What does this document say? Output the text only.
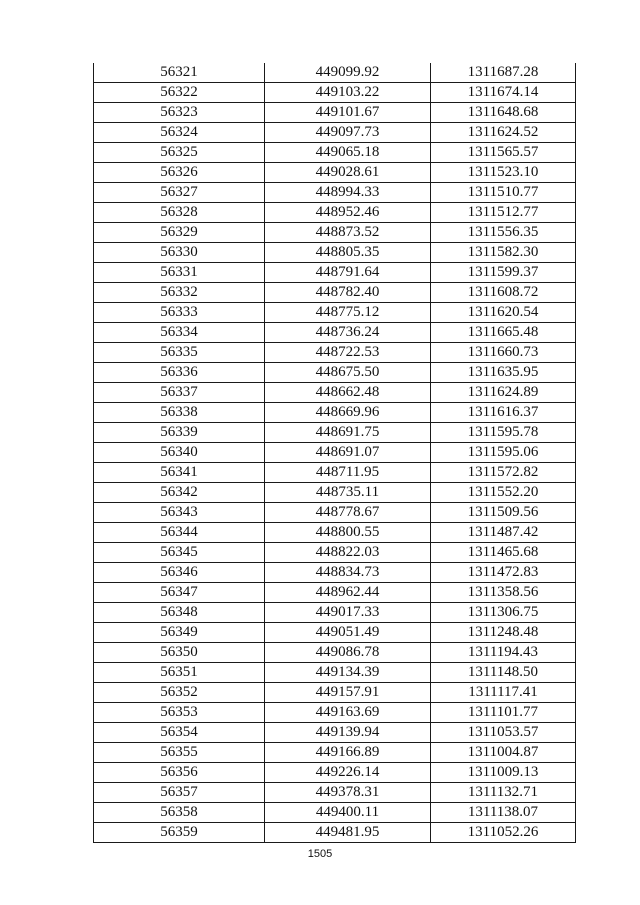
56321	449099.92	1311687.28
56322	449103.22	1311674.14
56323	449101.67	1311648.68
56324	449097.73	1311624.52
56325	449065.18	1311565.57
56326	449028.61	1311523.10
56327	448994.33	1311510.77
56328	448952.46	1311512.77
56329	448873.52	1311556.35
56330	448805.35	1311582.30
56331	448791.64	1311599.37
56332	448782.40	1311608.72
56333	448775.12	1311620.54
56334	448736.24	1311665.48
56335	448722.53	1311660.73
56336	448675.50	1311635.95
56337	448662.48	1311624.89
56338	448669.96	1311616.37
56339	448691.75	1311595.78
56340	448691.07	1311595.06
56341	448711.95	1311572.82
56342	448735.11	1311552.20
56343	448778.67	1311509.56
56344	448800.55	1311487.42
56345	448822.03	1311465.68
56346	448834.73	1311472.83
56347	448962.44	1311358.56
56348	449017.33	1311306.75
56349	449051.49	1311248.48
56350	449086.78	1311194.43
56351	449134.39	1311148.50
56352	449157.91	1311117.41
56353	449163.69	1311101.77
56354	449139.94	1311053.57
56355	449166.89	1311004.87
56356	449226.14	1311009.13
56357	449378.31	1311132.71
56358	449400.11	1311138.07
56359	449481.95	1311052.26
1505
